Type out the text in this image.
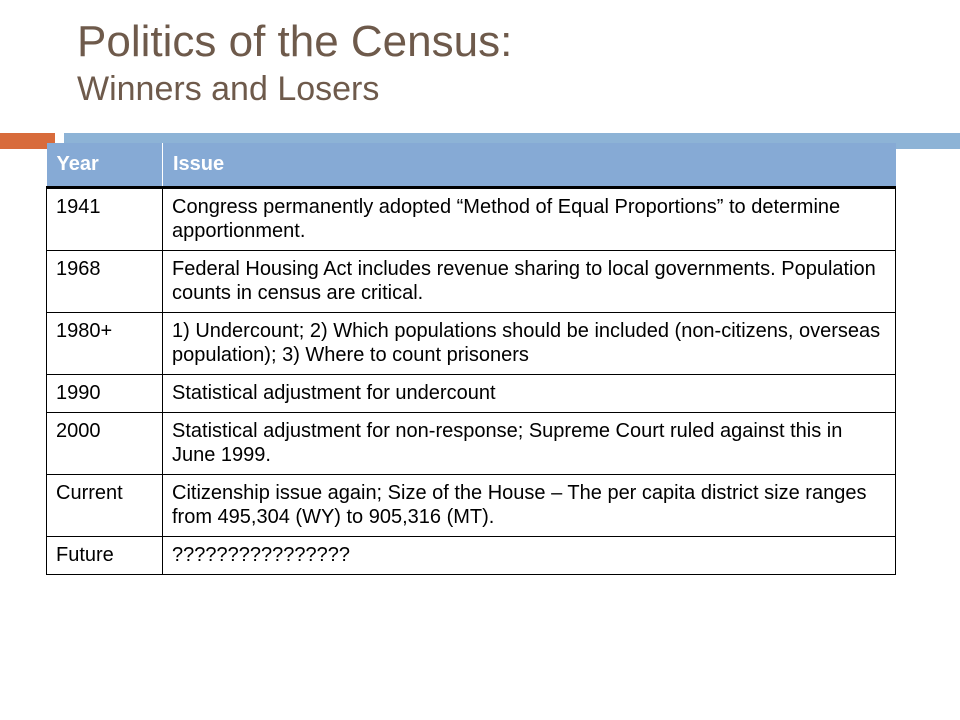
Politics of the Census:
Winners and Losers
Year	Issue
1941	Congress permanently adopted “Method of Equal Proportions” to determine apportionment.
1968	Federal Housing Act includes revenue sharing to local governments. Population counts in census are critical.
1980+	1) Undercount; 2) Which populations should be included (non-citizens, overseas population); 3) Where to count prisoners
1990	Statistical adjustment for undercount
2000	Statistical adjustment for non-response; Supreme Court ruled against this in June 1999.
Current	Citizenship issue again; Size of the House – The per capita district size ranges from 495,304 (WY) to 905,316 (MT).
Future	????????????????
